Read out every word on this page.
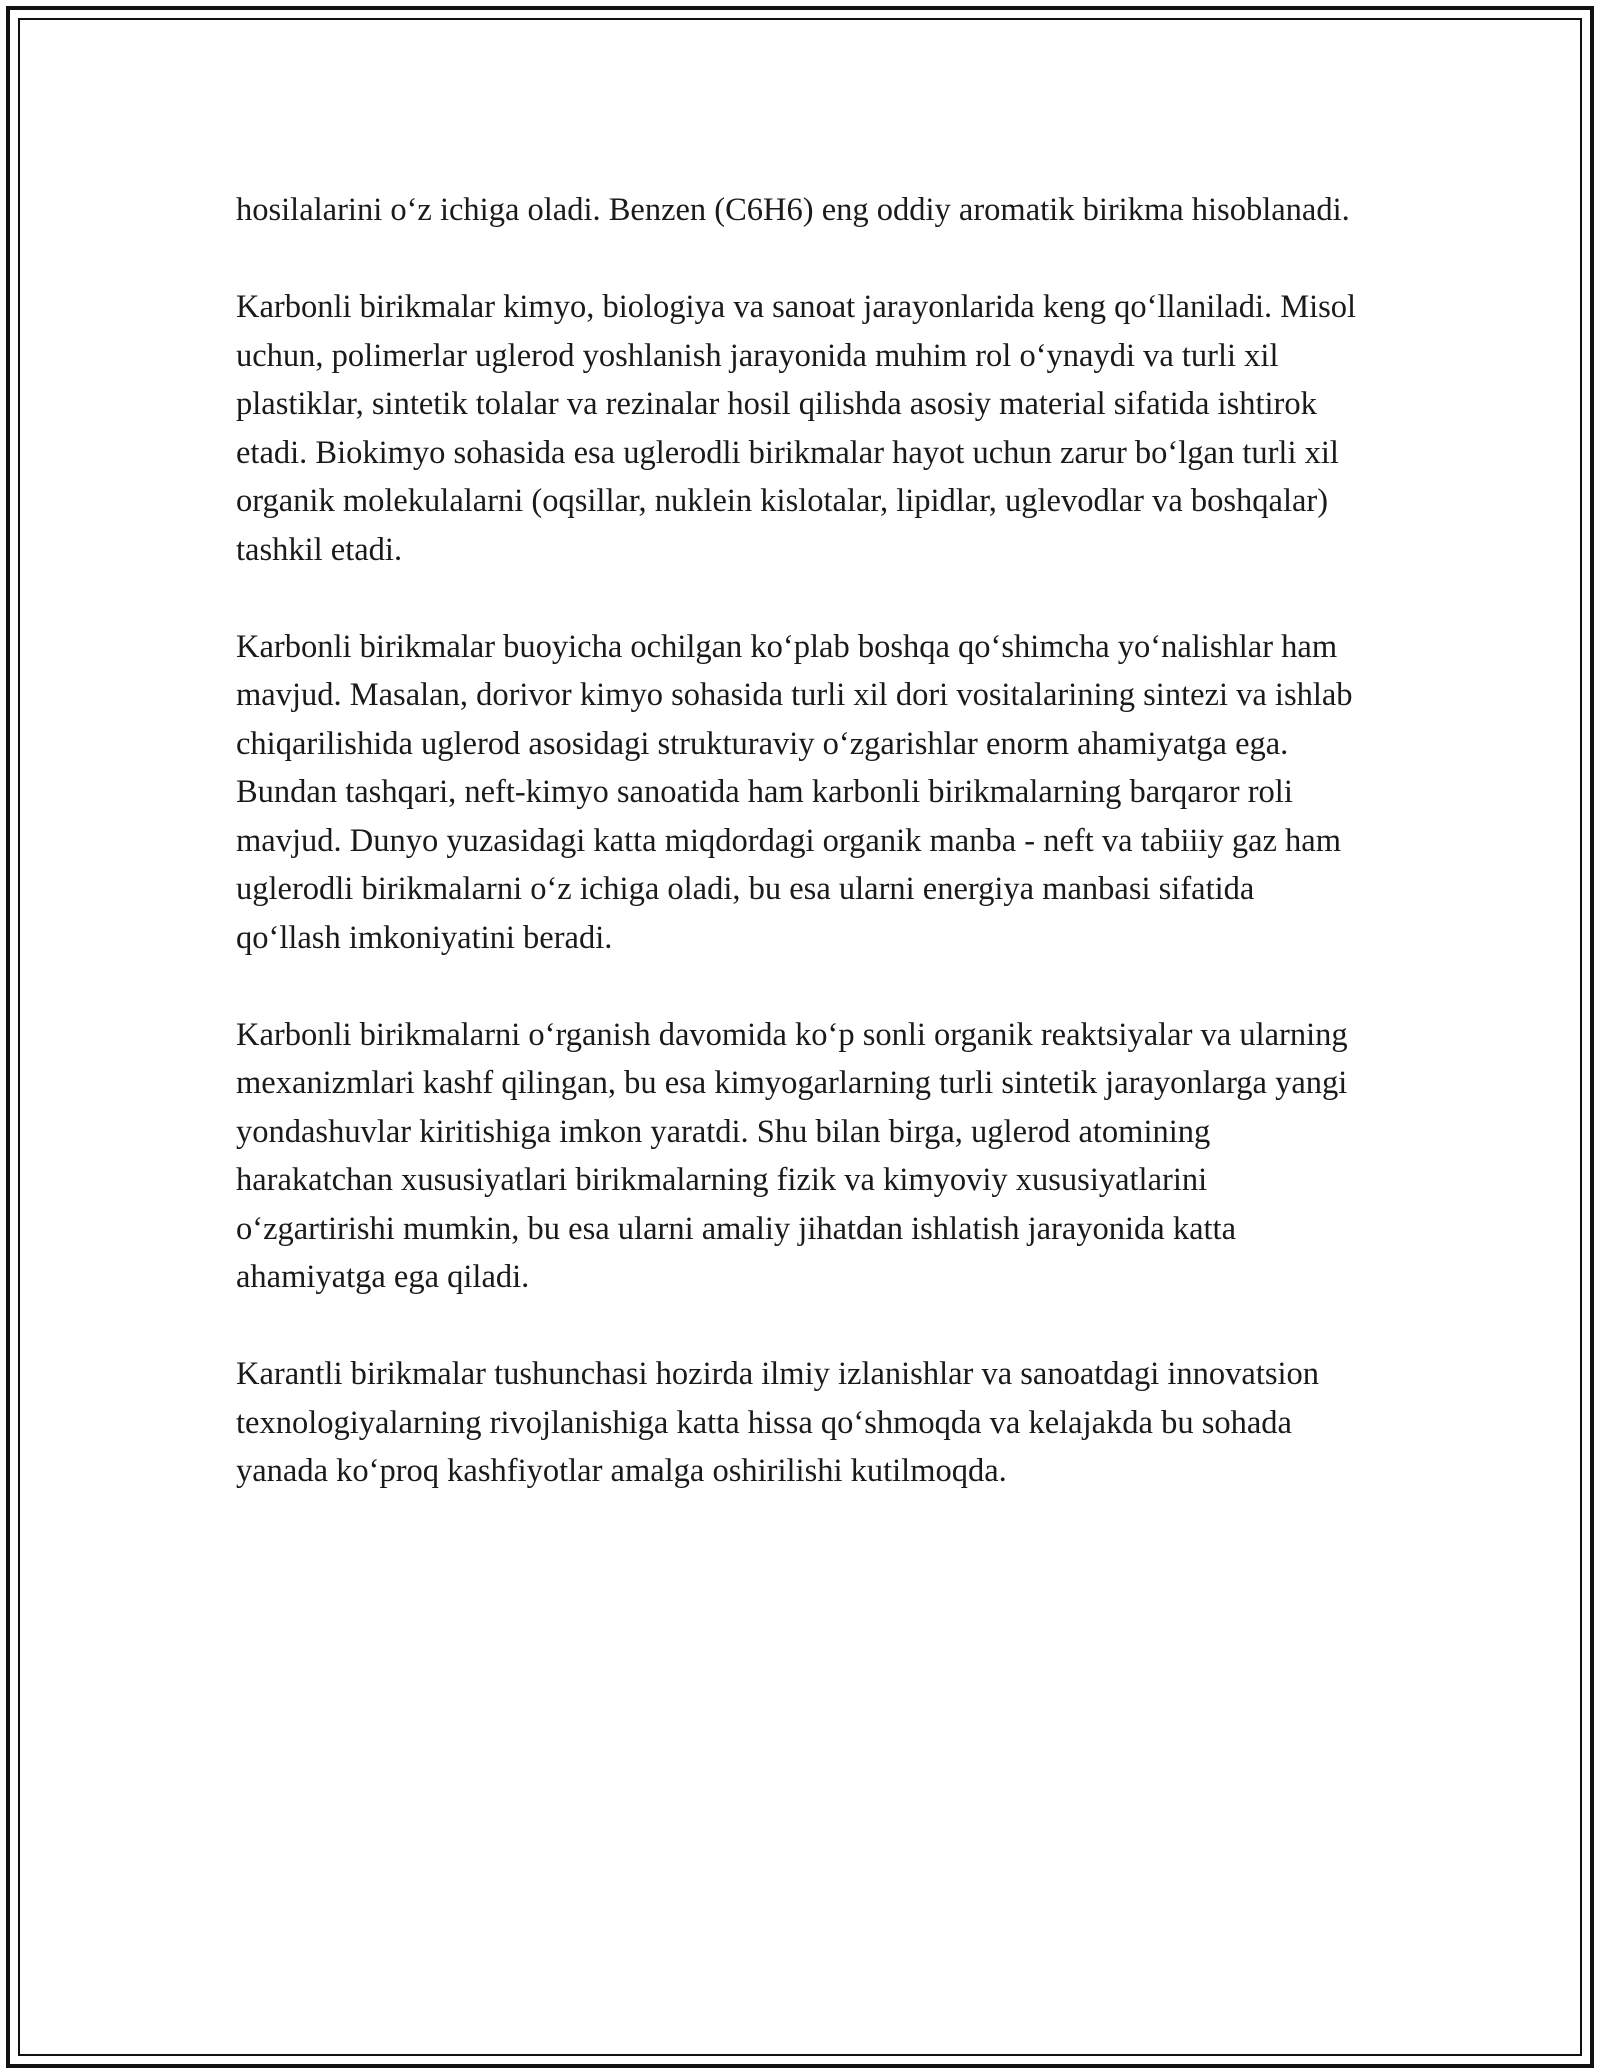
hosilalarini o‘z ichiga oladi. Benzen (C6H6) eng oddiy aromatik birikma hisoblanadi.

Karbonli birikmalar kimyo, biologiya va sanoat jarayonlarida keng qo‘llaniladi. Misol uchun, polimerlar uglerod yoshlanish jarayonida muhim rol o‘ynaydi va turli xil plastiklar, sintetik tolalar va rezinalar hosil qilishda asosiy material sifatida ishtirok etadi. Biokimyo sohasida esa uglerodli birikmalar hayot uchun zarur bo‘lgan turli xil organik molekulalarni (oqsillar, nuklein kislotalar, lipidlar, uglevodlar va boshqalar) tashkil etadi.

Karbonli birikmalar buoyicha ochilgan ko‘plab boshqa qo‘shimcha yo‘nalishlar ham mavjud. Masalan, dorivor kimyo sohasida turli xil dori vositalarining sintezi va ishlab chiqarilishida uglerod asosidagi strukturaviy o‘zgarishlar enorm ahamiyatga ega. Bundan tashqari, neft-kimyo sanoatida ham karbonli birikmalarning barqaror roli mavjud. Dunyo yuzasidagi katta miqdordagi organik manba - neft va tabiiiy gaz ham uglerodli birikmalarni o‘z ichiga oladi, bu esa ularni energiya manbasi sifatida qo‘llash imkoniyatini beradi.

Karbonli birikmalarni o‘rganish davomida ko‘p sonli organik reaktsiyalar va ularning mexanizmlari kashf qilingan, bu esa kimyogarlarning turli sintetik jarayonlarga yangi yondashuvlar kiritishiga imkon yaratdi. Shu bilan birga, uglerod atomining harakatchan xususiyatlari birikmalarning fizik va kimyoviy xususiyatlarini o‘zgartirishi mumkin, bu esa ularni amaliy jihatdan ishlatish jarayonida katta ahamiyatga ega qiladi.

Karantli birikmalar tushunchasi hozirda ilmiy izlanishlar va sanoatdagi innovatsion texnologiyalarning rivojlanishiga katta hissa qo‘shmoqda va kelajakda bu sohada yanada ko‘proq kashfiyotlar amalga oshirilishi kutilmoqda.
